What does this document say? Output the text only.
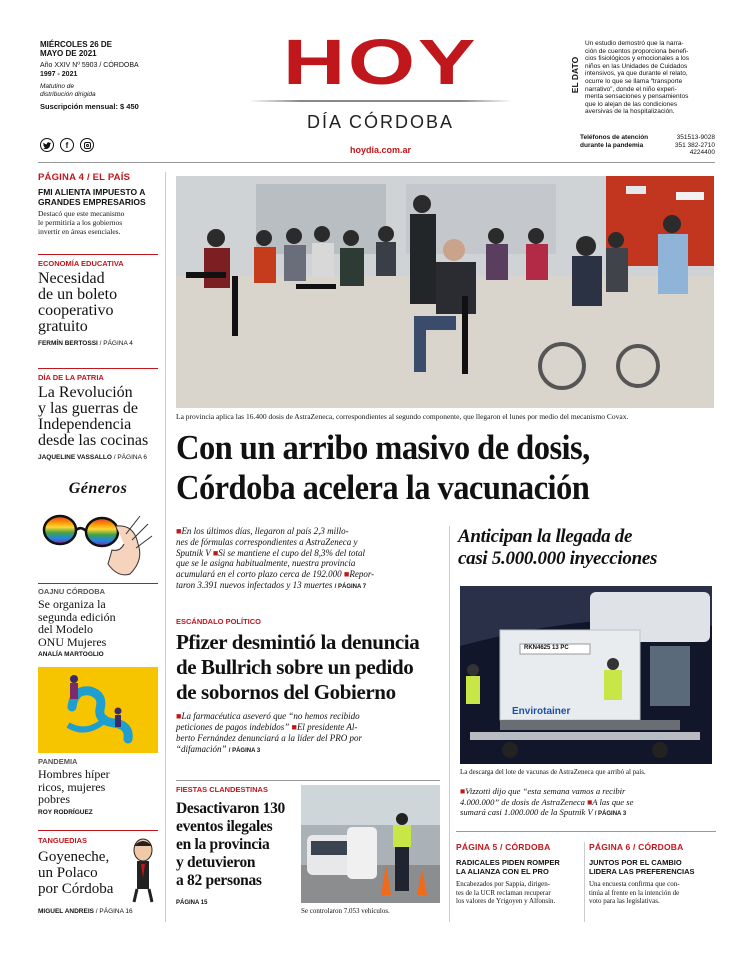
MIÉRCOLES 26 DE
MAYO DE 2021
Año XXIV Nº 5903 / CÓRDOBA
1997 - 2021
Matutino de
distribución dirigida
Suscripción mensual: $ 450
f
HOY
DÍA CÓRDOBA
hoydia.com.ar
EL DATO
Un estudio demostró que la narra-
ción de cuentos proporciona benefi-
cios fisiológicos y emocionales a los
niños en las Unidades de Cuidados
intensivos, ya que durante el relato,
ocurre lo que se llama “transporte
narrativo”, donde el niño experi-
menta sensaciones y pensamientos
que lo alejan de las condiciones
aversivas de la hospitalización.
Teléfonos de atención
durante la pandemia
351513-9028
351 382-2710
4224400
PÁGINA 4 / EL PAÍS
FMI ALIENTA IMPUESTO A
GRANDES EMPRESARIOS
Destacó que este mecanismo
le permitiría a los gobiernos
invertir en áreas esenciales.
ECONOMÍA EDUCATIVA
Necesidad
de un boleto
cooperativo
gratuito
FERMÍN BERTOSSI / PÁGINA 4
DÍA DE LA PATRIA
La Revolución
y las guerras de
Independencia
desde las cocinas
JAQUELINE VASSALLO / PÁGINA 6
Géneros
OAJNU CÓRDOBA
Se organiza la
segunda edición
del Modelo
ONU Mujeres
ANALÍA MARTOGLIO
PANDEMIA
Hombres híper
ricos, mujeres
pobres
ROY RODRÍGUEZ
TANGUEDIAS
Goyeneche,
un Polaco
por Córdoba
MIGUEL ANDREIS / PÁGINA 16
La provincia aplica las 16.400 dosis de AstraZeneca, correspondientes al segundo componente, que llegaron el lunes por medio del mecanismo Covax.
Con un arribo masivo de dosis,
Córdoba acelera la vacunación
■En los últimos días, llegaron al país 2,3 millo-
nes de fórmulas correspondientes a AstraZeneca y
Sputnik V ■Si se mantiene el cupo del 8,3% del total
que se le asigna habitualmente, nuestra provincia
acumulará en el corto plazo cerca de 192.000 ■Repor-
taron 3.391 nuevos infectados y 13 muertes / PÁGINA 7
ESCÁNDALO POLÍTICO
Pfizer desmintió la denuncia
de Bullrich sobre un pedido
de sobornos del Gobierno
■La farmacéutica aseveró que “no hemos recibido
peticiones de pagos indebidos” ■El presidente Al-
berto Fernández denunciará a la líder del PRO por
“difamación” / PÁGINA 3
FIESTAS CLANDESTINAS
Desactivaron 130
eventos ilegales
en la provincia
y detuvieron
a 82 personas
PÁGINA 15
Se controlaron 7.053 vehículos.
Anticipan la llegada de
casi 5.000.000 inyecciones
RKN4625 13 PC
Envirotainer
La descarga del lote de vacunas de AstraZeneca que arribó al país.
■Vizzotti dijo que “esta semana vamos a recibir
4.000.000” de dosis de AstraZeneca ■A las que se
sumará casi 1.000.000 de la Sputnik V / PÁGINA 3
PÁGINA 5 / CÓRDOBA
RADICALES PIDEN ROMPER
LA ALIANZA CON EL PRO
Encabezados por Sappia, dirigen-
tes de la UCR reclaman recuperar
los valores de Yrigoyen y Alfonsín.
PÁGINA 6 / CÓRDOBA
JUNTOS POR EL CAMBIO
LIDERA LAS PREFERENCIAS
Una encuesta confirma que con-
tinúa al frente en la intención de
voto para las legislativas.
